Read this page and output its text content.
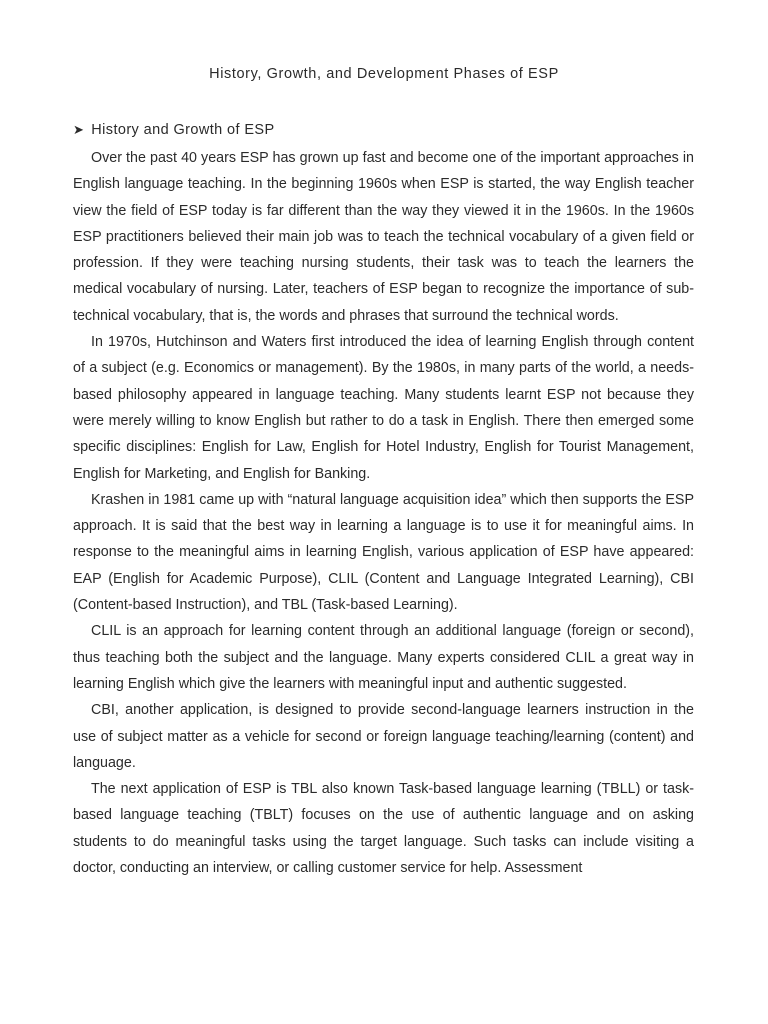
History, Growth, and Development Phases of ESP
➤ History and Growth of ESP

Over the past 40 years ESP has grown up fast and become one of the important approaches in English language teaching. In the beginning 1960s when ESP is started, the way English teacher view the field of ESP today is far different than the way they viewed it in the 1960s. In the 1960s ESP practitioners believed their main job was to teach the technical vocabulary of a given field or profession. If they were teaching nursing students, their task was to teach the learners the medical vocabulary of nursing. Later, teachers of ESP began to recognize the importance of sub-technical vocabulary, that is, the words and phrases that surround the technical words.

In 1970s, Hutchinson and Waters first introduced the idea of learning English through content of a subject (e.g. Economics or management). By the 1980s, in many parts of the world, a needs-based philosophy appeared in language teaching. Many students learnt ESP not because they were merely willing to know English but rather to do a task in English. There then emerged some specific disciplines: English for Law, English for Hotel Industry, English for Tourist Management, English for Marketing, and English for Banking.

Krashen in 1981 came up with “natural language acquisition idea” which then supports the ESP approach. It is said that the best way in learning a language is to use it for meaningful aims. In response to the meaningful aims in learning English, various application of ESP have appeared: EAP (English for Academic Purpose), CLIL (Content and Language Integrated Learning), CBI (Content-based Instruction), and TBL (Task-based Learning).

CLIL is an approach for learning content through an additional language (foreign or second), thus teaching both the subject and the language. Many experts considered CLIL a great way in learning English which give the learners with meaningful input and authentic suggested.

CBI, another application, is designed to provide second-language learners instruction in the use of subject matter as a vehicle for second or foreign language teaching/learning (content) and language.

The next application of ESP is TBL also known Task-based language learning (TBLL) or task-based language teaching (TBLT) focuses on the use of authentic language and on asking students to do meaningful tasks using the target language. Such tasks can include visiting a doctor, conducting an interview, or calling customer service for help. Assessment
